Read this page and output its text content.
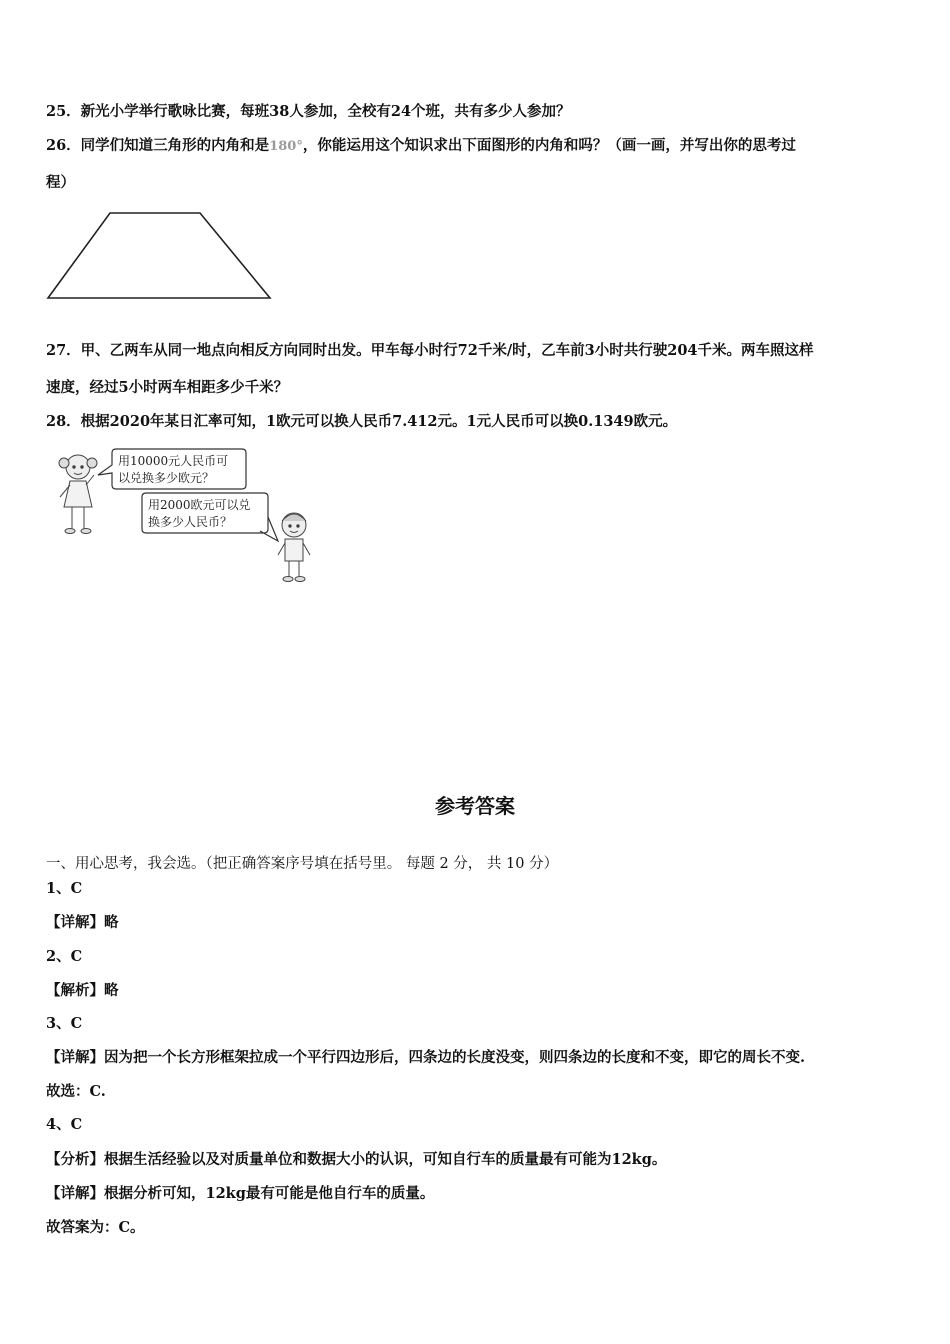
25．新光小学举行歌咏比赛，每班38人参加，全校有24个班，共有多少人参加？
26．同学们知道三角形的内角和是180°，你能运用这个知识求出下面图形的内角和吗？（画一画，并写出你的思考过
程）
27．甲、乙两车从同一地点向相反方向同时出发。甲车每小时行72千米/时，乙车前3小时共行驶204千米。两车照这样
速度，经过5小时两车相距多少千米？
28．根据2020年某日汇率可知，1欧元可以换人民币7.412元。1元人民币可以换0.1349欧元。
用10000元人民币可
以兑换多少欧元？
用2000欧元可以兑
换多少人民币？
参考答案
一、用心思考，我会选。（把正确答案序号填在括号里。 每题 2 分， 共 10 分）
1、C
【详解】略
2、C
【解析】略
3、C
【详解】因为把一个长方形框架拉成一个平行四边形后，四条边的长度没变，则四条边的长度和不变，即它的周长不变.
故选：C.
4、C
【分析】根据生活经验以及对质量单位和数据大小的认识，可知自行车的质量最有可能为12kg。
【详解】根据分析可知，12kg最有可能是他自行车的质量。
故答案为：C。
